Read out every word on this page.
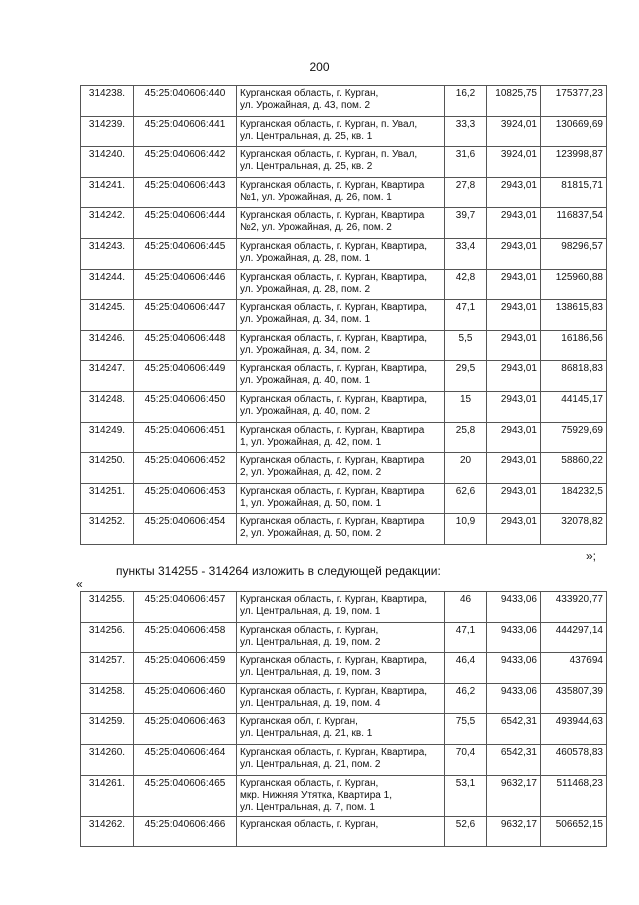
200
314238.	45:25:040606:440	Курганская область, г. Курган,
ул. Урожайная, д. 43, пом. 2	16,2	10825,75	175377,23
314239.	45:25:040606:441	Курганская область, г. Курган, п. Увал,
ул. Центральная, д. 25, кв. 1	33,3	3924,01	130669,69
314240.	45:25:040606:442	Курганская область, г. Курган, п. Увал,
ул. Центральная, д. 25, кв. 2	31,6	3924,01	123998,87
314241.	45:25:040606:443	Курганская область, г. Курган, Квартира
№1, ул. Урожайная, д. 26, пом. 1	27,8	2943,01	81815,71
314242.	45:25:040606:444	Курганская область, г. Курган, Квартира
№2, ул. Урожайная, д. 26, пом. 2	39,7	2943,01	116837,54
314243.	45:25:040606:445	Курганская область, г. Курган, Квартира,
ул. Урожайная, д. 28, пом. 1	33,4	2943,01	98296,57
314244.	45:25:040606:446	Курганская область, г. Курган, Квартира,
ул. Урожайная, д. 28, пом. 2	42,8	2943,01	125960,88
314245.	45:25:040606:447	Курганская область, г. Курган, Квартира,
ул. Урожайная, д. 34, пом. 1	47,1	2943,01	138615,83
314246.	45:25:040606:448	Курганская область, г. Курган, Квартира,
ул. Урожайная, д. 34, пом. 2	5,5	2943,01	16186,56
314247.	45:25:040606:449	Курганская область, г. Курган, Квартира,
ул. Урожайная, д. 40, пом. 1	29,5	2943,01	86818,83
314248.	45:25:040606:450	Курганская область, г. Курган, Квартира,
ул. Урожайная, д. 40, пом. 2	15	2943,01	44145,17
314249.	45:25:040606:451	Курганская область, г. Курган, Квартира
1, ул. Урожайная, д. 42, пом. 1	25,8	2943,01	75929,69
314250.	45:25:040606:452	Курганская область, г. Курган, Квартира
2, ул. Урожайная, д. 42, пом. 2	20	2943,01	58860,22
314251.	45:25:040606:453	Курганская область, г. Курган, Квартира
1, ул. Урожайная, д. 50, пом. 1	62,6	2943,01	184232,5
314252.	45:25:040606:454	Курганская область, г. Курган, Квартира
2, ул. Урожайная, д. 50, пом. 2	10,9	2943,01	32078,82
»;
пункты 314255 - 314264 изложить в следующей редакции:
«
314255.	45:25:040606:457	Курганская область, г. Курган, Квартира,
ул. Центральная, д. 19, пом. 1	46	9433,06	433920,77
314256.	45:25:040606:458	Курганская область, г. Курган,
ул. Центральная, д. 19, пом. 2	47,1	9433,06	444297,14
314257.	45:25:040606:459	Курганская область, г. Курган, Квартира,
ул. Центральная, д. 19, пом. 3	46,4	9433,06	437694
314258.	45:25:040606:460	Курганская область, г. Курган, Квартира,
ул. Центральная, д. 19, пом. 4	46,2	9433,06	435807,39
314259.	45:25:040606:463	Курганская обл, г. Курган,
ул. Центральная, д. 21, кв. 1	75,5	6542,31	493944,63
314260.	45:25:040606:464	Курганская область, г. Курган, Квартира,
ул. Центральная, д. 21, пом. 2	70,4	6542,31	460578,83
314261.	45:25:040606:465	Курганская область, г. Курган,
мкр. Нижняя Утятка, Квартира 1,
ул. Центральная, д. 7, пом. 1	53,1	9632,17	511468,23
314262.	45:25:040606:466	Курганская область, г. Курган,	52,6	9632,17	506652,15
